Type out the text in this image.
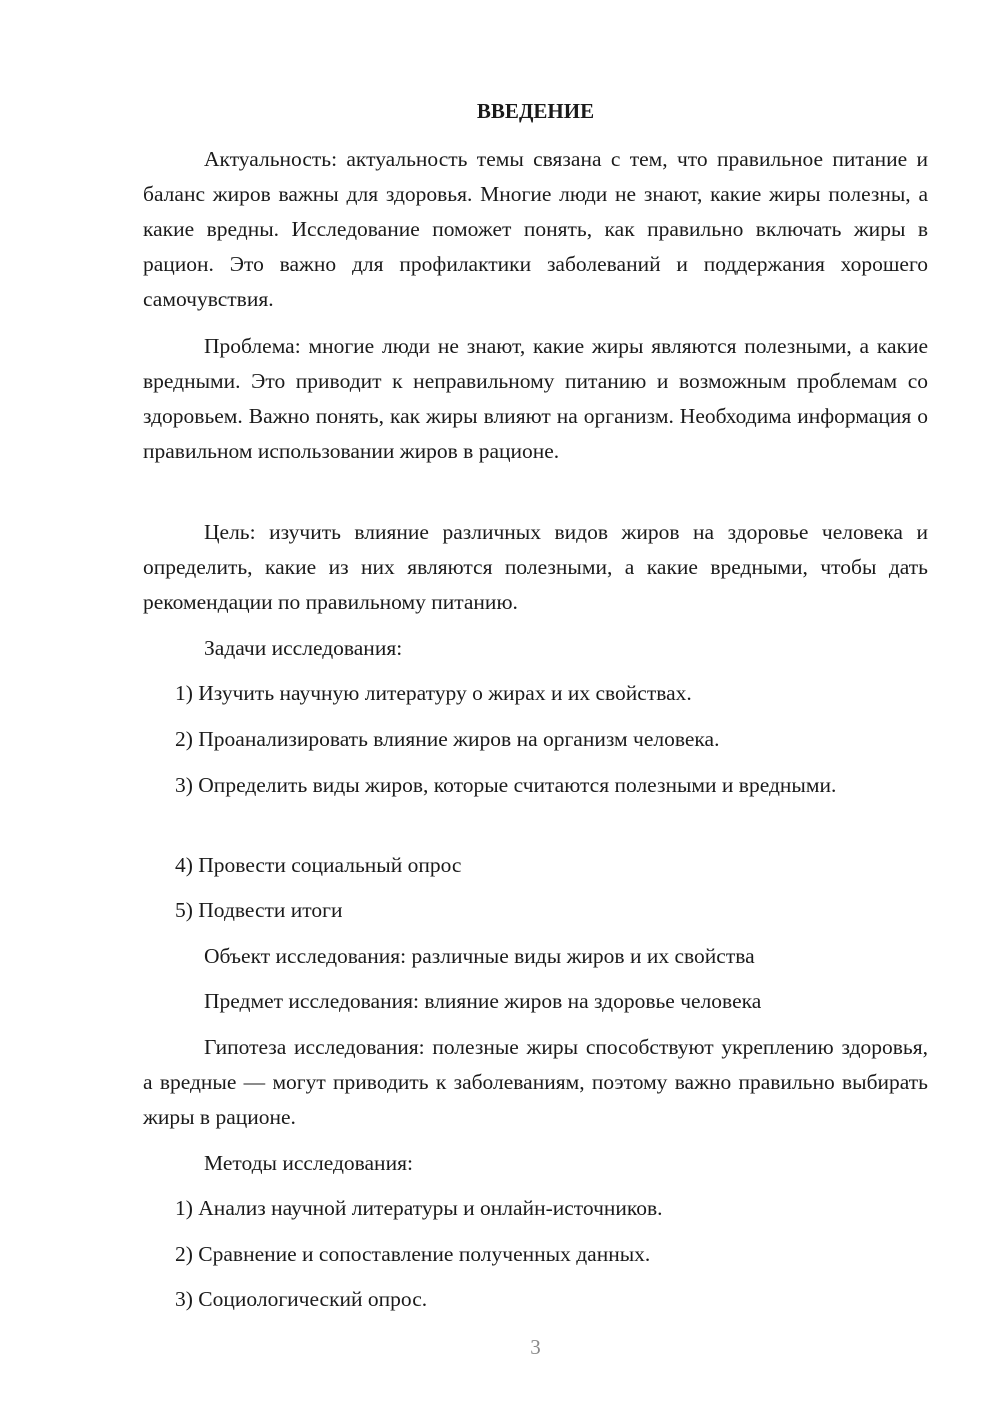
ВВЕДЕНИЕ

Актуальность: актуальность темы связана с тем, что правильное питание и баланс жиров важны для здоровья. Многие люди не знают, какие жиры полезны, а какие вредны. Исследование поможет понять, как правильно включать жиры в рацион. Это важно для профилактики заболеваний и поддержания хорошего самочувствия.

Проблема: многие люди не знают, какие жиры являются полезными, а какие вредными. Это приводит к неправильному питанию и возможным проблемам со здоровьем. Важно понять, как жиры влияют на организм. Необходима информация о правильном использовании жиров в рационе.

Цель: изучить влияние различных видов жиров на здоровье человека и определить, какие из них являются полезными, а какие вредными, чтобы дать рекомендации по правильному питанию.

Задачи исследования:

1) Изучить научную литературу о жирах и их свойствах.

2) Проанализировать влияние жиров на организм человека.

3) Определить виды жиров, которые считаются полезными и вредными.

4) Провести социальный опрос

5) Подвести итоги

Объект исследования: различные виды жиров и их свойства

Предмет исследования: влияние жиров на здоровье человека

Гипотеза исследования: полезные жиры способствуют укреплению здоровья, а вредные — могут приводить к заболеваниям, поэтому важно правильно выбирать жиры в рационе.

Методы исследования:

1) Анализ научной литературы и онлайн-источников.

2) Сравнение и сопоставление полученных данных.

3) Социологический опрос.

3
